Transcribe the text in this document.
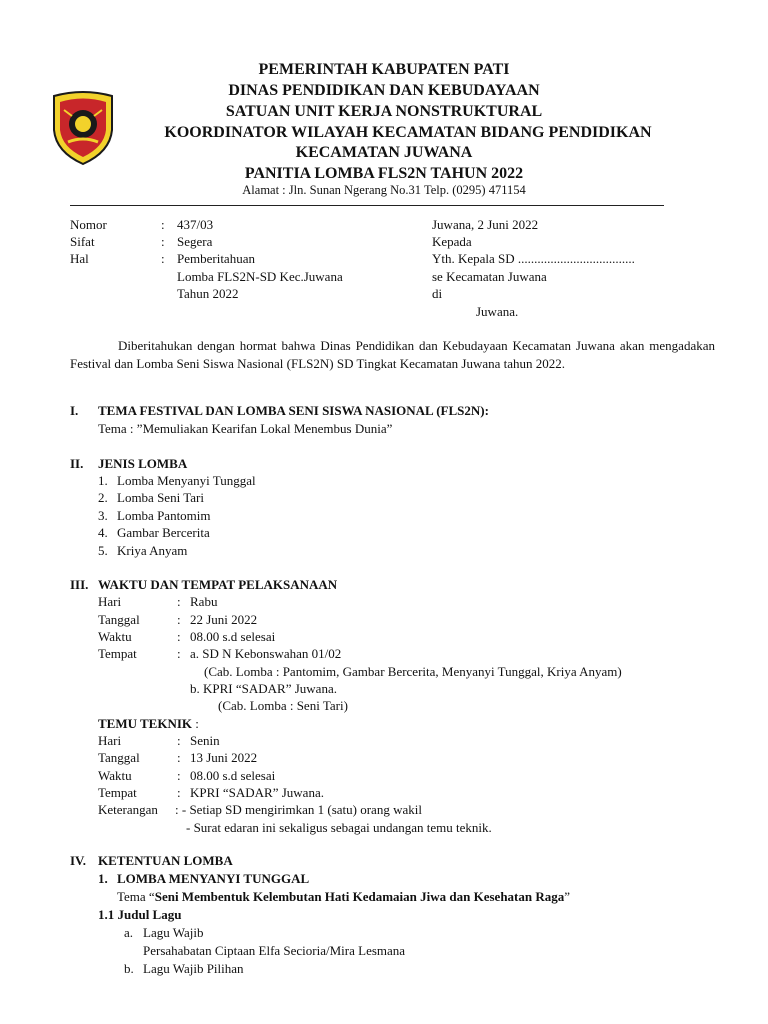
PEMERINTAH KABUPATEN PATI
DINAS PENDIDIKAN DAN KEBUDAYAAN
SATUAN UNIT KERJA NONSTRUKTURAL
KOORDINATOR WILAYAH KECAMATAN BIDANG PENDIDIKAN
KECAMATAN JUWANA
PANITIA LOMBA FLS2N TAHUN 2022
Alamat : Jln. Sunan Ngerang No.31 Telp. (0295) 471154
Nomor	: 437/03
Sifat	: Segera
Hal	: Pemberitahuan
Lomba FLS2N-SD Kec.Juwana
Tahun 2022
Juwana, 2 Juni 2022
Kepada
Yth. Kepala SD ....................................
se Kecamatan Juwana
di
Juwana.
Diberitahukan dengan hormat bahwa Dinas Pendidikan dan Kebudayaan Kecamatan Juwana akan mengadakan Festival dan Lomba Seni Siswa Nasional (FLS2N) SD Tingkat Kecamatan Juwana tahun 2022.
I. TEMA FESTIVAL DAN LOMBA SENI SISWA NASIONAL (FLS2N):
Tema : ”Memuliakan Kearifan Lokal Menembus Dunia”
II. JENIS LOMBA
1. Lomba Menyanyi Tunggal
2. Lomba Seni Tari
3. Lomba Pantomim
4. Gambar Bercerita
5. Kriya Anyam
III. WAKTU DAN TEMPAT PELAKSANAAN
Hari	: Rabu
Tanggal	: 22 Juni 2022
Waktu	: 08.00 s.d selesai
Tempat	: a. SD N Kebonswahan 01/02
(Cab. Lomba : Pantomim, Gambar Bercerita, Menyanyi Tunggal, Kriya Anyam)
b. KPRI “SADAR” Juwana.
(Cab. Lomba : Seni Tari)
TEMU TEKNIK :
Hari	: Senin
Tanggal	: 13 Juni 2022
Waktu	: 08.00 s.d selesai
Tempat	: KPRI “SADAR” Juwana.
Keterangan : - Setiap SD mengirimkan 1 (satu) orang wakil
- Surat edaran ini sekaligus sebagai undangan temu teknik.
IV. KETENTUAN LOMBA
1. LOMBA MENYANYI TUNGGAL
Tema “Seni Membentuk Kelembutan Hati Kedamaian Jiwa dan Kesehatan Raga”
1.1 Judul Lagu
a. Lagu Wajib
Persahabatan Ciptaan Elfa Secioria/Mira Lesmana
b. Lagu Wajib Pilihan
